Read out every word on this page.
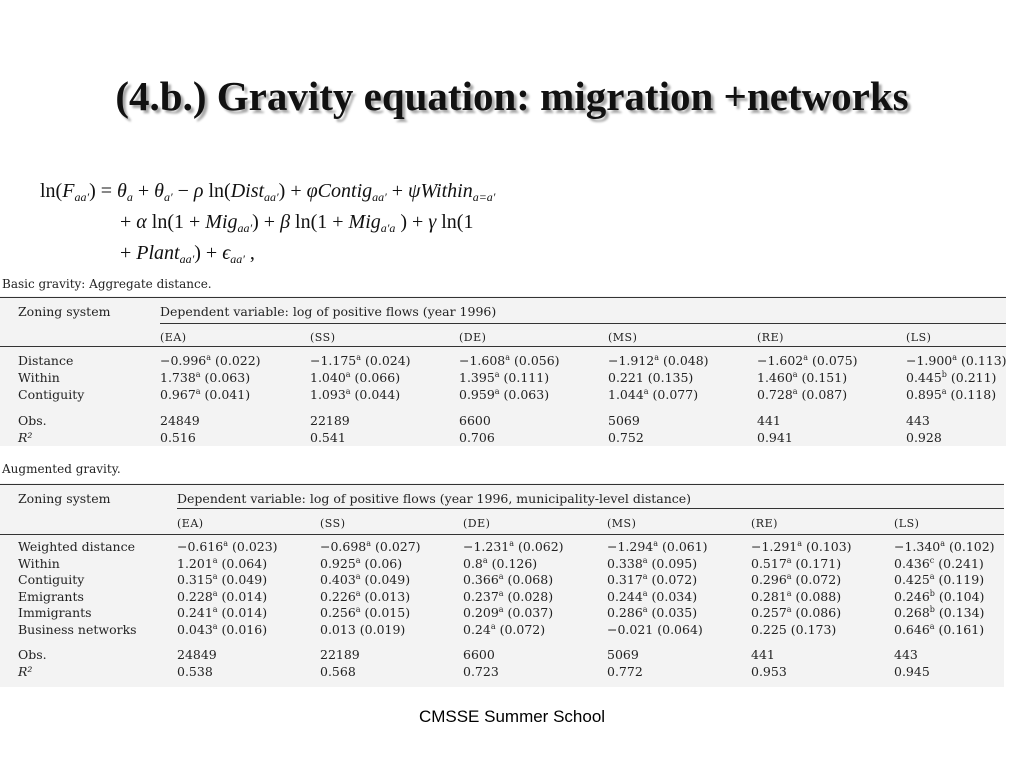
(4.b.) Gravity equation: migration +networks
$\ln(F_{aa'}) = \theta_a + \theta_{a'} - \rho$ ln(Dist$_{aa'}$) + φContig$_{aa'}$ + ψWithin$_{a=a'}$
+ α ln(1 + Mig$_{aa'}$) + β ln(1 + Mig$_{a'a}$ ) + γ ln(1
+ Plant$_{aa'}$) + $\epsilon_{aa'}$ ,
Basic gravity: Aggregate distance.
Zoning system	Dependent variable: log of positive flows (year 1996)
( EA )	( SS )	( DE )	( MS )	( RE )	( LS )
Distance	−0.996$^a$ (0.022)	−1.175$^a$ (0.024)	−1.608$^a$ (0.056)	−1.912$^a$ (0.048)	−1.602$^a$ (0.075)	−1.900$^a$ (0.113)
Within	1.738$^a$ (0.063)	1.040$^a$ (0.066)	1.395$^a$ (0.111)	0.221 (0.135)	1.460$^a$ (0.151)	0.445$^b$ (0.211)
Contiguity	0.967$^a$ (0.041)	1.093$^a$ (0.044)	0.959$^a$ (0.063)	1.044$^a$ (0.077)	0.728$^a$ (0.087)	0.895$^a$ (0.118)
Obs.	24849	22189	6600	5069	441	443
R²	0.516	0.541	0.706	0.752	0.941	0.928
Augmented gravity.
Zoning system	Dependent variable: log of positive flows (year 1996, municipality-level distance)
( EA )	( SS )	( DE )	( MS )	( RE )	( LS )
Weighted distance	−0.616$^a$ (0.023)	−0.698$^a$ (0.027)	−1.231$^a$ (0.062)	−1.294$^a$ (0.061)	−1.291$^a$ (0.103)	−1.340$^a$ (0.102)
Within	1.201$^a$ (0.064)	0.925$^a$ (0.06)	0.8$^a$ (0.126)	0.338$^a$ (0.095)	0.517$^a$ (0.171)	0.436$^c$ (0.241)
Contiguity	0.315$^a$ (0.049)	0.403$^a$ (0.049)	0.366$^a$ (0.068)	0.317$^a$ (0.072)	0.296$^a$ (0.072)	0.425$^a$ (0.119)
Emigrants	0.228$^a$ (0.014)	0.226$^a$ (0.013)	0.237$^a$ (0.028)	0.244$^a$ (0.034)	0.281$^a$ (0.088)	0.246$^b$ (0.104)
Immigrants	0.241$^a$ (0.014)	0.256$^a$ (0.015)	0.209$^a$ (0.037)	0.286$^a$ (0.035)	0.257$^a$ (0.086)	0.268$^b$ (0.134)
Business networks	0.043$^a$ (0.016)	0.013 (0.019)	0.24$^a$ (0.072)	−0.021 (0.064)	0.225 (0.173)	0.646$^a$ (0.161)
Obs.	24849	22189	6600	5069	441	443
R²	0.538	0.568	0.723	0.772	0.953	0.945
CMSSE Summer School
